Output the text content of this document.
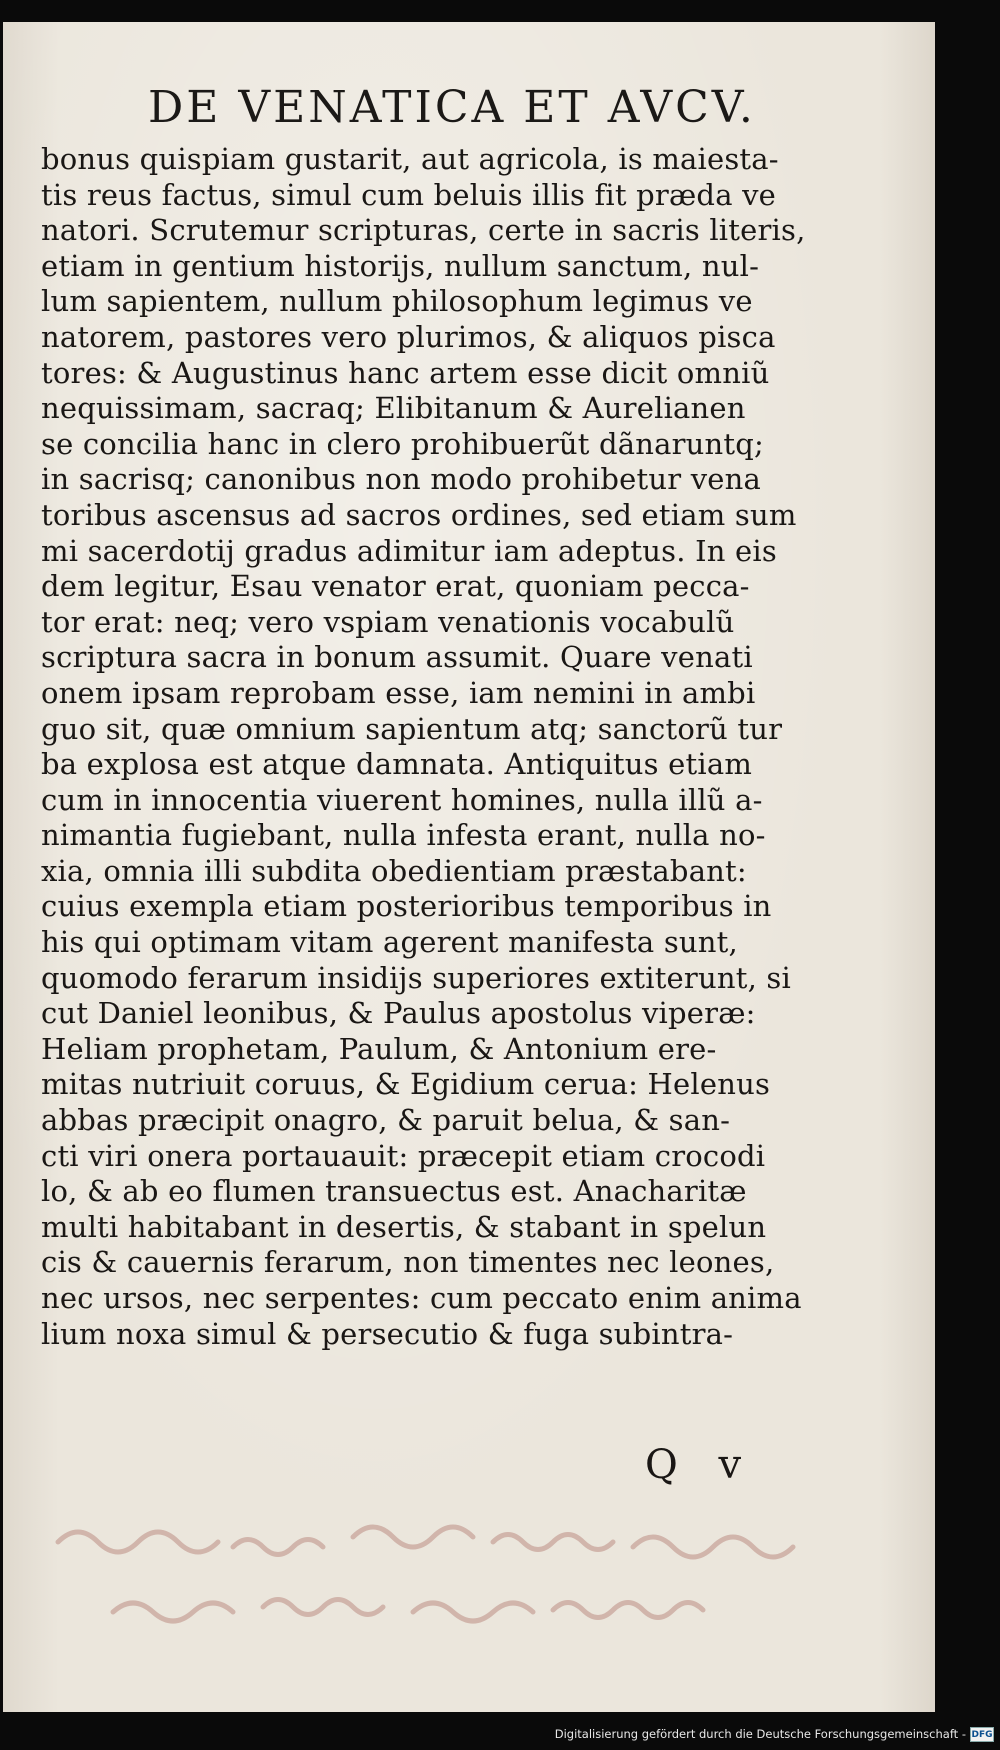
DE VENATICA ET AVCV.
bonus quispiam gustarit, aut agricola, is maiesta-
tis reus factus, simul cum beluis illis fit præda ve
natori. Scrutemur scripturas, certe in sacris literis,
etiam in gentium historijs, nullum sanctum, nul-
lum sapientem, nullum philosophum legimus ve
natorem, pastores vero plurimos, & aliquos pisca
tores: & Augustinus hanc artem esse dicit omniũ
nequissimam, sacraq; Elibitanum & Aurelianen
se concilia hanc in clero prohibuerũt dãnaruntq;
in sacrisq; canonibus non modo prohibetur vena
toribus ascensus ad sacros ordines, sed etiam sum
mi sacerdotij gradus adimitur iam adeptus. In eis
dem legitur, Esau venator erat, quoniam pecca-
tor erat: neq; vero vspiam venationis vocabulũ
scriptura sacra in bonum assumit. Quare venati
onem ipsam reprobam esse, iam nemini in ambi
guo sit, quæ omnium sapientum atq; sanctorũ tur
ba explosa est atque damnata. Antiquitus etiam
cum in innocentia viuerent homines, nulla illũ a-
nimantia fugiebant, nulla infesta erant, nulla no-
xia, omnia illi subdita obedientiam præstabant:
cuius exempla etiam posterioribus temporibus in
his qui optimam vitam agerent manifesta sunt,
quomodo ferarum insidijs superiores extiterunt, si
cut Daniel leonibus, & Paulus apostolus viperæ:
Heliam prophetam, Paulum, & Antonium ere-
mitas nutriuit coruus, & Egidium cerua: Helenus
abbas præcipit onagro, & paruit belua, & san-
cti viri onera portauauit: præcepit etiam crocodi
lo, & ab eo flumen transuectus est. Anacharitæ
multi habitabant in desertis, & stabant in spelun
cis & cauernis ferarum, non timentes nec leones,
nec ursos, nec serpentes: cum peccato enim anima
lium noxa simul & persecutio & fuga subintra-
Q v
Digitalisierung gefördert durch die Deutsche Forschungsgemeinschaft - DFG
